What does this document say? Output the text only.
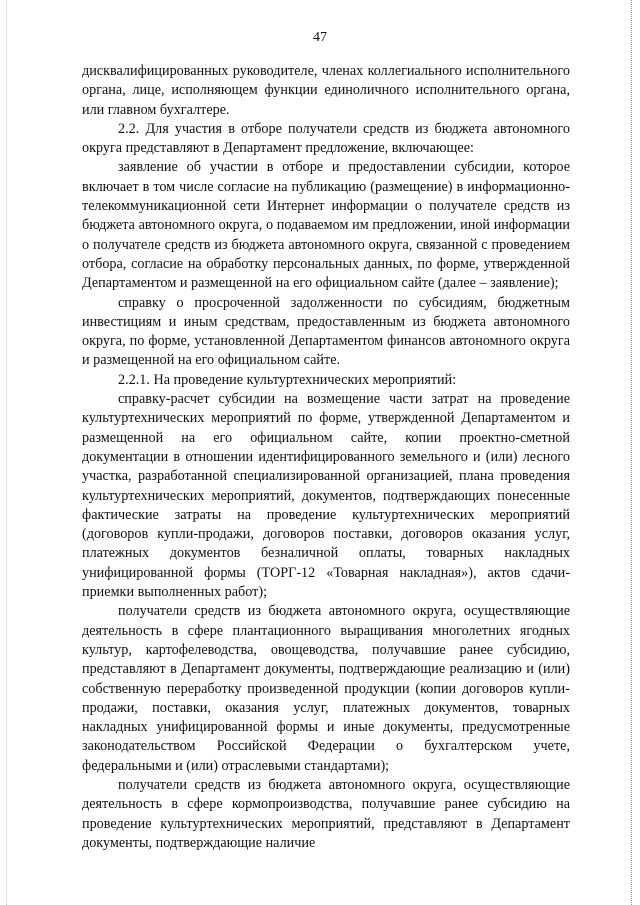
47

дисквалифицированных руководителе, членах коллегиального исполнительного органа, лице, исполняющем функции единоличного исполнительного органа, или главном бухгалтере.

2.2. Для участия в отборе получатели средств из бюджета автономного округа представляют в Департамент предложение, включающее:

заявление об участии в отборе и предоставлении субсидии, которое включает в том числе согласие на публикацию (размещение) в информационно-телекоммуникационной сети Интернет информации о получателе средств из бюджета автономного округа, о подаваемом им предложении, иной информации о получателе средств из бюджета автономного округа, связанной с проведением отбора, согласие на обработку персональных данных, по форме, утвержденной Департаментом и размещенной на его официальном сайте (далее – заявление);

справку о просроченной задолженности по субсидиям, бюджетным инвестициям и иным средствам, предоставленным из бюджета автономного округа, по форме, установленной Департаментом финансов автономного округа и размещенной на его официальном сайте.

2.2.1. На проведение культуртехнических мероприятий:

справку-расчет субсидии на возмещение части затрат на проведение культуртехнических мероприятий по форме, утвержденной Департаментом и размещенной на его официальном сайте, копии проектно-сметной документации в отношении идентифицированного земельного и (или) лесного участка, разработанной специализированной организацией, плана проведения культуртехнических мероприятий, документов, подтверждающих понесенные фактические затраты на проведение культуртехнических мероприятий (договоров купли-продажи, договоров поставки, договоров оказания услуг, платежных документов безналичной оплаты, товарных накладных унифицированной формы (ТОРГ-12 «Товарная накладная»), актов сдачи-приемки выполненных работ);

получатели средств из бюджета автономного округа, осуществляющие деятельность в сфере плантационного выращивания многолетних ягодных культур, картофелеводства, овощеводства, получавшие ранее субсидию, представляют в Департамент документы, подтверждающие реализацию и (или) собственную переработку произведенной продукции (копии договоров купли-продажи, поставки, оказания услуг, платежных документов, товарных накладных унифицированной формы и иные документы, предусмотренные законодательством Российской Федерации о бухгалтерском учете, федеральными и (или) отраслевыми стандартами);

получатели средств из бюджета автономного округа, осуществляющие деятельность в сфере кормопроизводства, получавшие ранее субсидию на проведение культуртехнических мероприятий, представляют в Департамент документы, подтверждающие наличие
